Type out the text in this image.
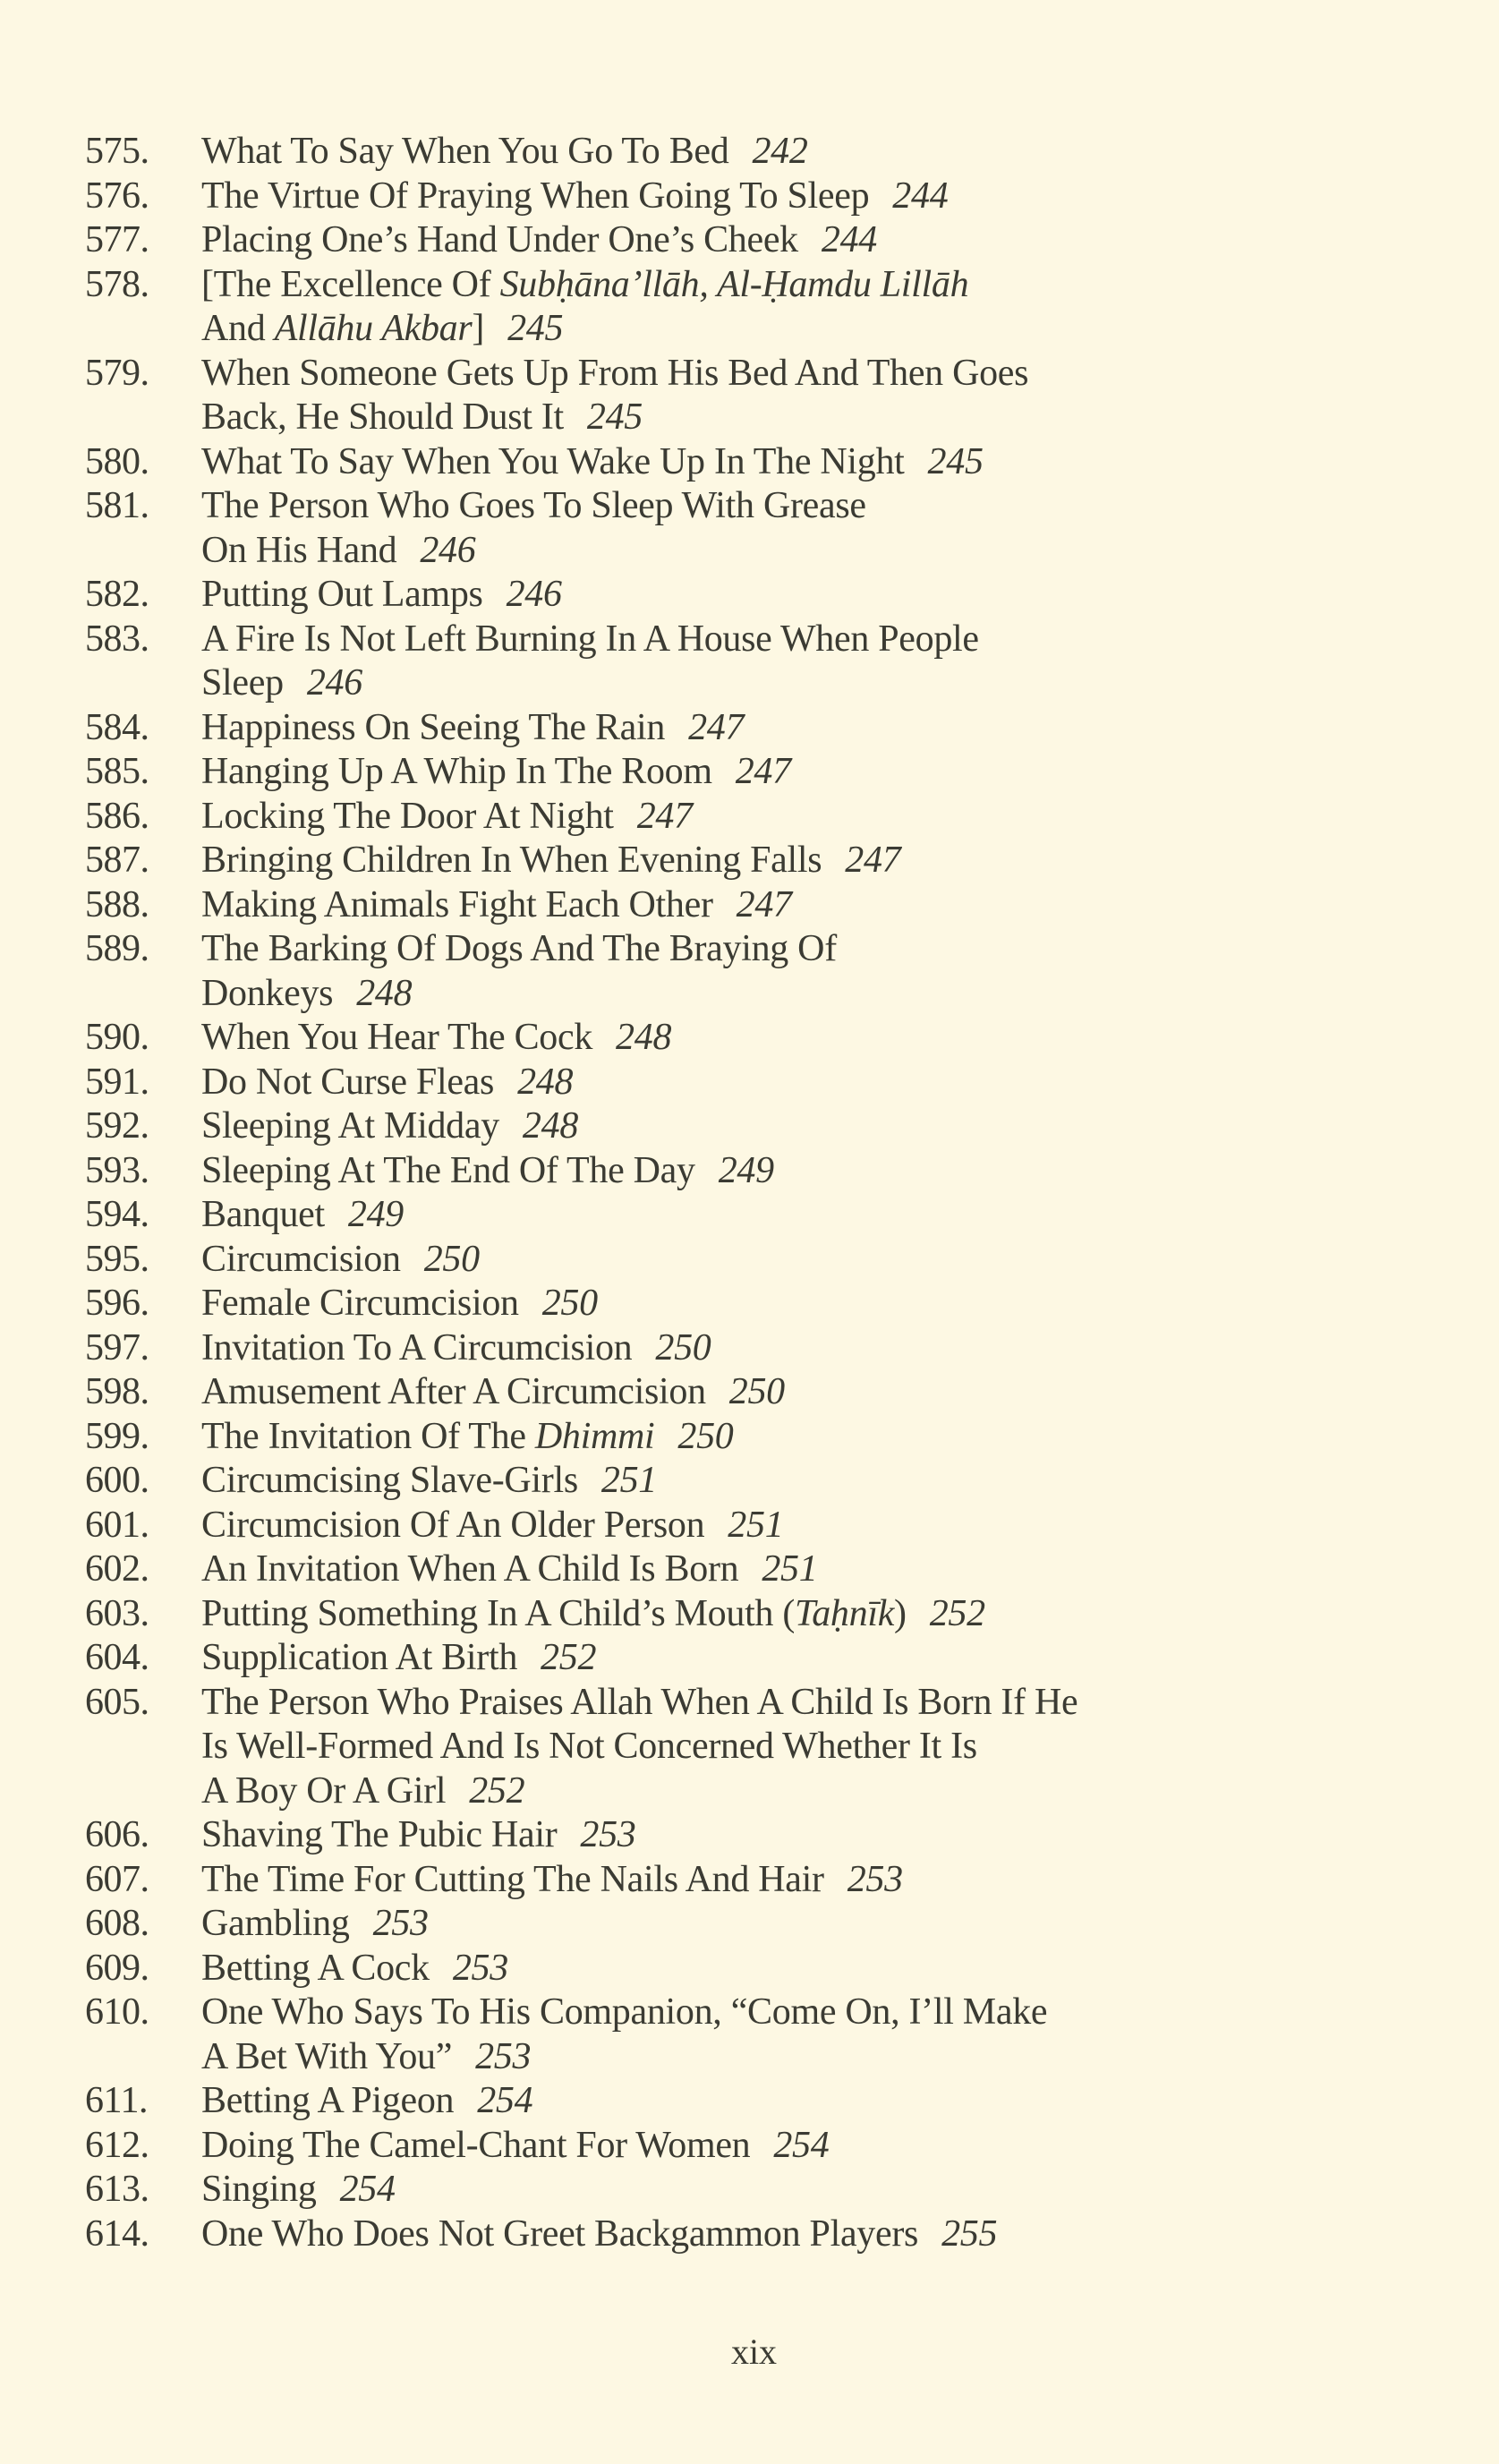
575.	What To Say When You Go To Bed 242
576.	The Virtue Of Praying When Going To Sleep 244
577.	Placing One’s Hand Under One’s Cheek 244
578.	[The Excellence Of Subḥāna’llāh, Al-Ḥamdu Lillāh
And Allāhu Akbar] 245
579.	When Someone Gets Up From His Bed And Then Goes
Back, He Should Dust It 245
580.	What To Say When You Wake Up In The Night 245
581.	The Person Who Goes To Sleep With Grease
On His Hand 246
582.	Putting Out Lamps 246
583.	A Fire Is Not Left Burning In A House When People
Sleep 246
584.	Happiness On Seeing The Rain 247
585.	Hanging Up A Whip In The Room 247
586.	Locking The Door At Night 247
587.	Bringing Children In When Evening Falls 247
588.	Making Animals Fight Each Other 247
589.	The Barking Of Dogs And The Braying Of
Donkeys 248
590.	When You Hear The Cock 248
591.	Do Not Curse Fleas 248
592.	Sleeping At Midday 248
593.	Sleeping At The End Of The Day 249
594.	Banquet 249
595.	Circumcision 250
596.	Female Circumcision 250
597.	Invitation To A Circumcision 250
598.	Amusement After A Circumcision 250
599.	The Invitation Of The Dhimmi 250
600.	Circumcising Slave-Girls 251
601.	Circumcision Of An Older Person 251
602.	An Invitation When A Child Is Born 251
603.	Putting Something In A Child’s Mouth (Taḥnīk) 252
604.	Supplication At Birth 252
605.	The Person Who Praises Allah When A Child Is Born If He
Is Well-Formed And Is Not Concerned Whether It Is
A Boy Or A Girl 252
606.	Shaving The Pubic Hair 253
607.	The Time For Cutting The Nails And Hair 253
608.	Gambling 253
609.	Betting A Cock 253
610.	One Who Says To His Companion, “Come On, I’ll Make
A Bet With You” 253
611.	Betting A Pigeon 254
612.	Doing The Camel-Chant For Women 254
613.	Singing 254
614.	One Who Does Not Greet Backgammon Players 255
xix
